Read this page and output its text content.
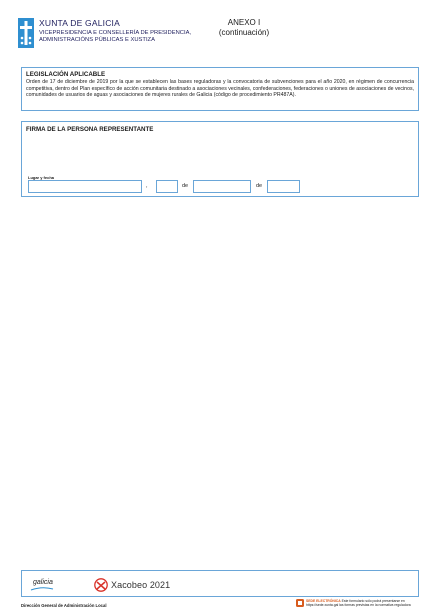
XUNTA DE GALICIA
VICEPRESIDENCIA E CONSELLERÍA DE PRESIDENCIA,
ADMINISTRACIÓNS PÚBLICAS E XUSTIZA
ANEXO I
(continuación)
LEGISLACIÓN APLICABLE
Orden de 17 de diciembre de 2019 por la que se establecen las bases reguladoras y la convocatoria de subvenciones para el año 2020, en régimen de concurrencia competitiva, dentro del Plan específico de acción comunitaria destinado a asociaciones vecinales, confederaciones, federaciones o uniones de asociaciones de vecinos, comunidades de usuarios de aguas y asociaciones de mujeres rurales de Galicia (código de procedimiento PR487A).
FIRMA DE LA PERSONA REPRESENTANTE
Lugar y fecha
,	de	de
galicia	Xacobeo 2021
Dirección General de Administración Local
SEDE ELECTRÓNICA Este formulario sólo podrá presentarse en
https://sede.xunta.gal las formas previstas en la normativa reguladora
